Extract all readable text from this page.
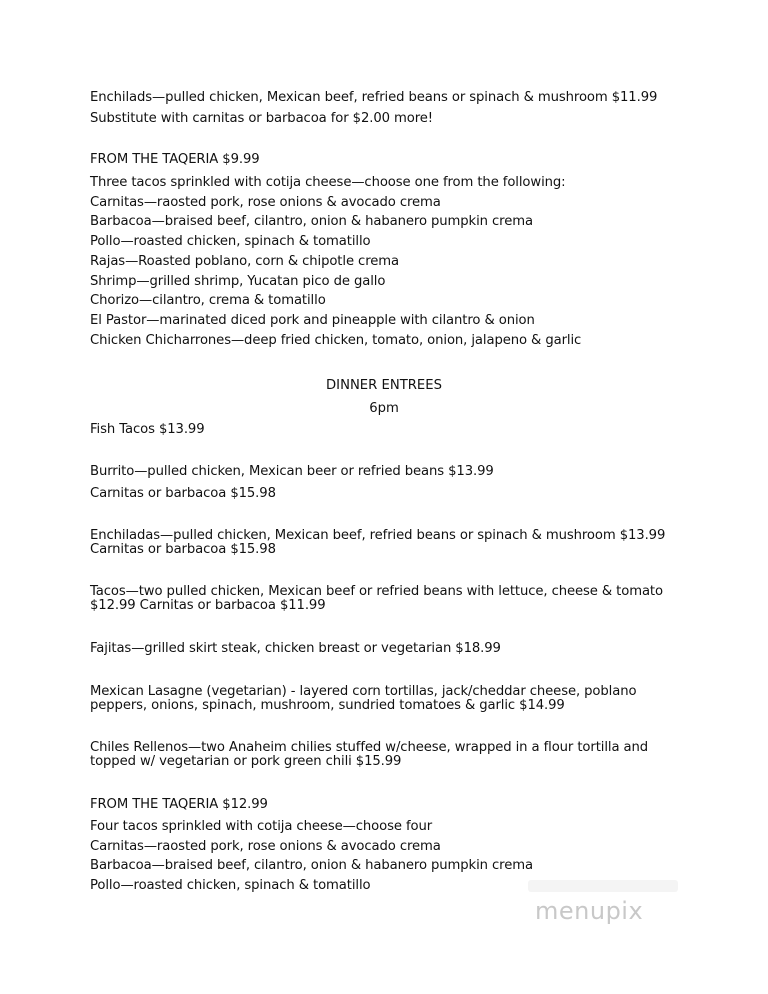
Enchilads—pulled chicken, Mexican beef, refried beans or spinach & mushroom $11.99

Substitute with carnitas or barbacoa for $2.00 more!

FROM THE TAQERIA $9.99

Three tacos sprinkled with cotija cheese—choose one from the following:

Carnitas—raosted pork, rose onions & avocado crema

Barbacoa—braised beef, cilantro, onion & habanero pumpkin crema

Pollo—roasted chicken, spinach & tomatillo

Rajas—Roasted poblano, corn & chipotle crema

Shrimp—grilled shrimp, Yucatan pico de gallo

Chorizo—cilantro, crema & tomatillo

El Pastor—marinated diced pork and pineapple with cilantro & onion

Chicken Chicharrones—deep fried chicken, tomato, onion, jalapeno & garlic

DINNER ENTREES

6pm

Fish Tacos $13.99

Burrito—pulled chicken, Mexican beer or refried beans $13.99

Carnitas or barbacoa $15.98

Enchiladas—pulled chicken, Mexican beef, refried beans or spinach & mushroom $13.99 Carnitas or barbacoa $15.98

Tacos—two pulled chicken, Mexican beef or refried beans with lettuce, cheese & tomato $12.99 Carnitas or barbacoa $11.99

Fajitas—grilled skirt steak, chicken breast or vegetarian $18.99

Mexican Lasagne (vegetarian) - layered corn tortillas, jack/cheddar cheese, poblano peppers, onions, spinach, mushroom, sundried tomatoes & garlic $14.99

Chiles Rellenos—two Anaheim chilies stuffed w/cheese, wrapped in a flour tortilla and topped w/ vegetarian or pork green chili $15.99

FROM THE TAQERIA $12.99

Four tacos sprinkled with cotija cheese—choose four

Carnitas—raosted pork, rose onions & avocado crema

Barbacoa—braised beef, cilantro, onion & habanero pumpkin crema

Pollo—roasted chicken, spinach & tomatillo

menupix
